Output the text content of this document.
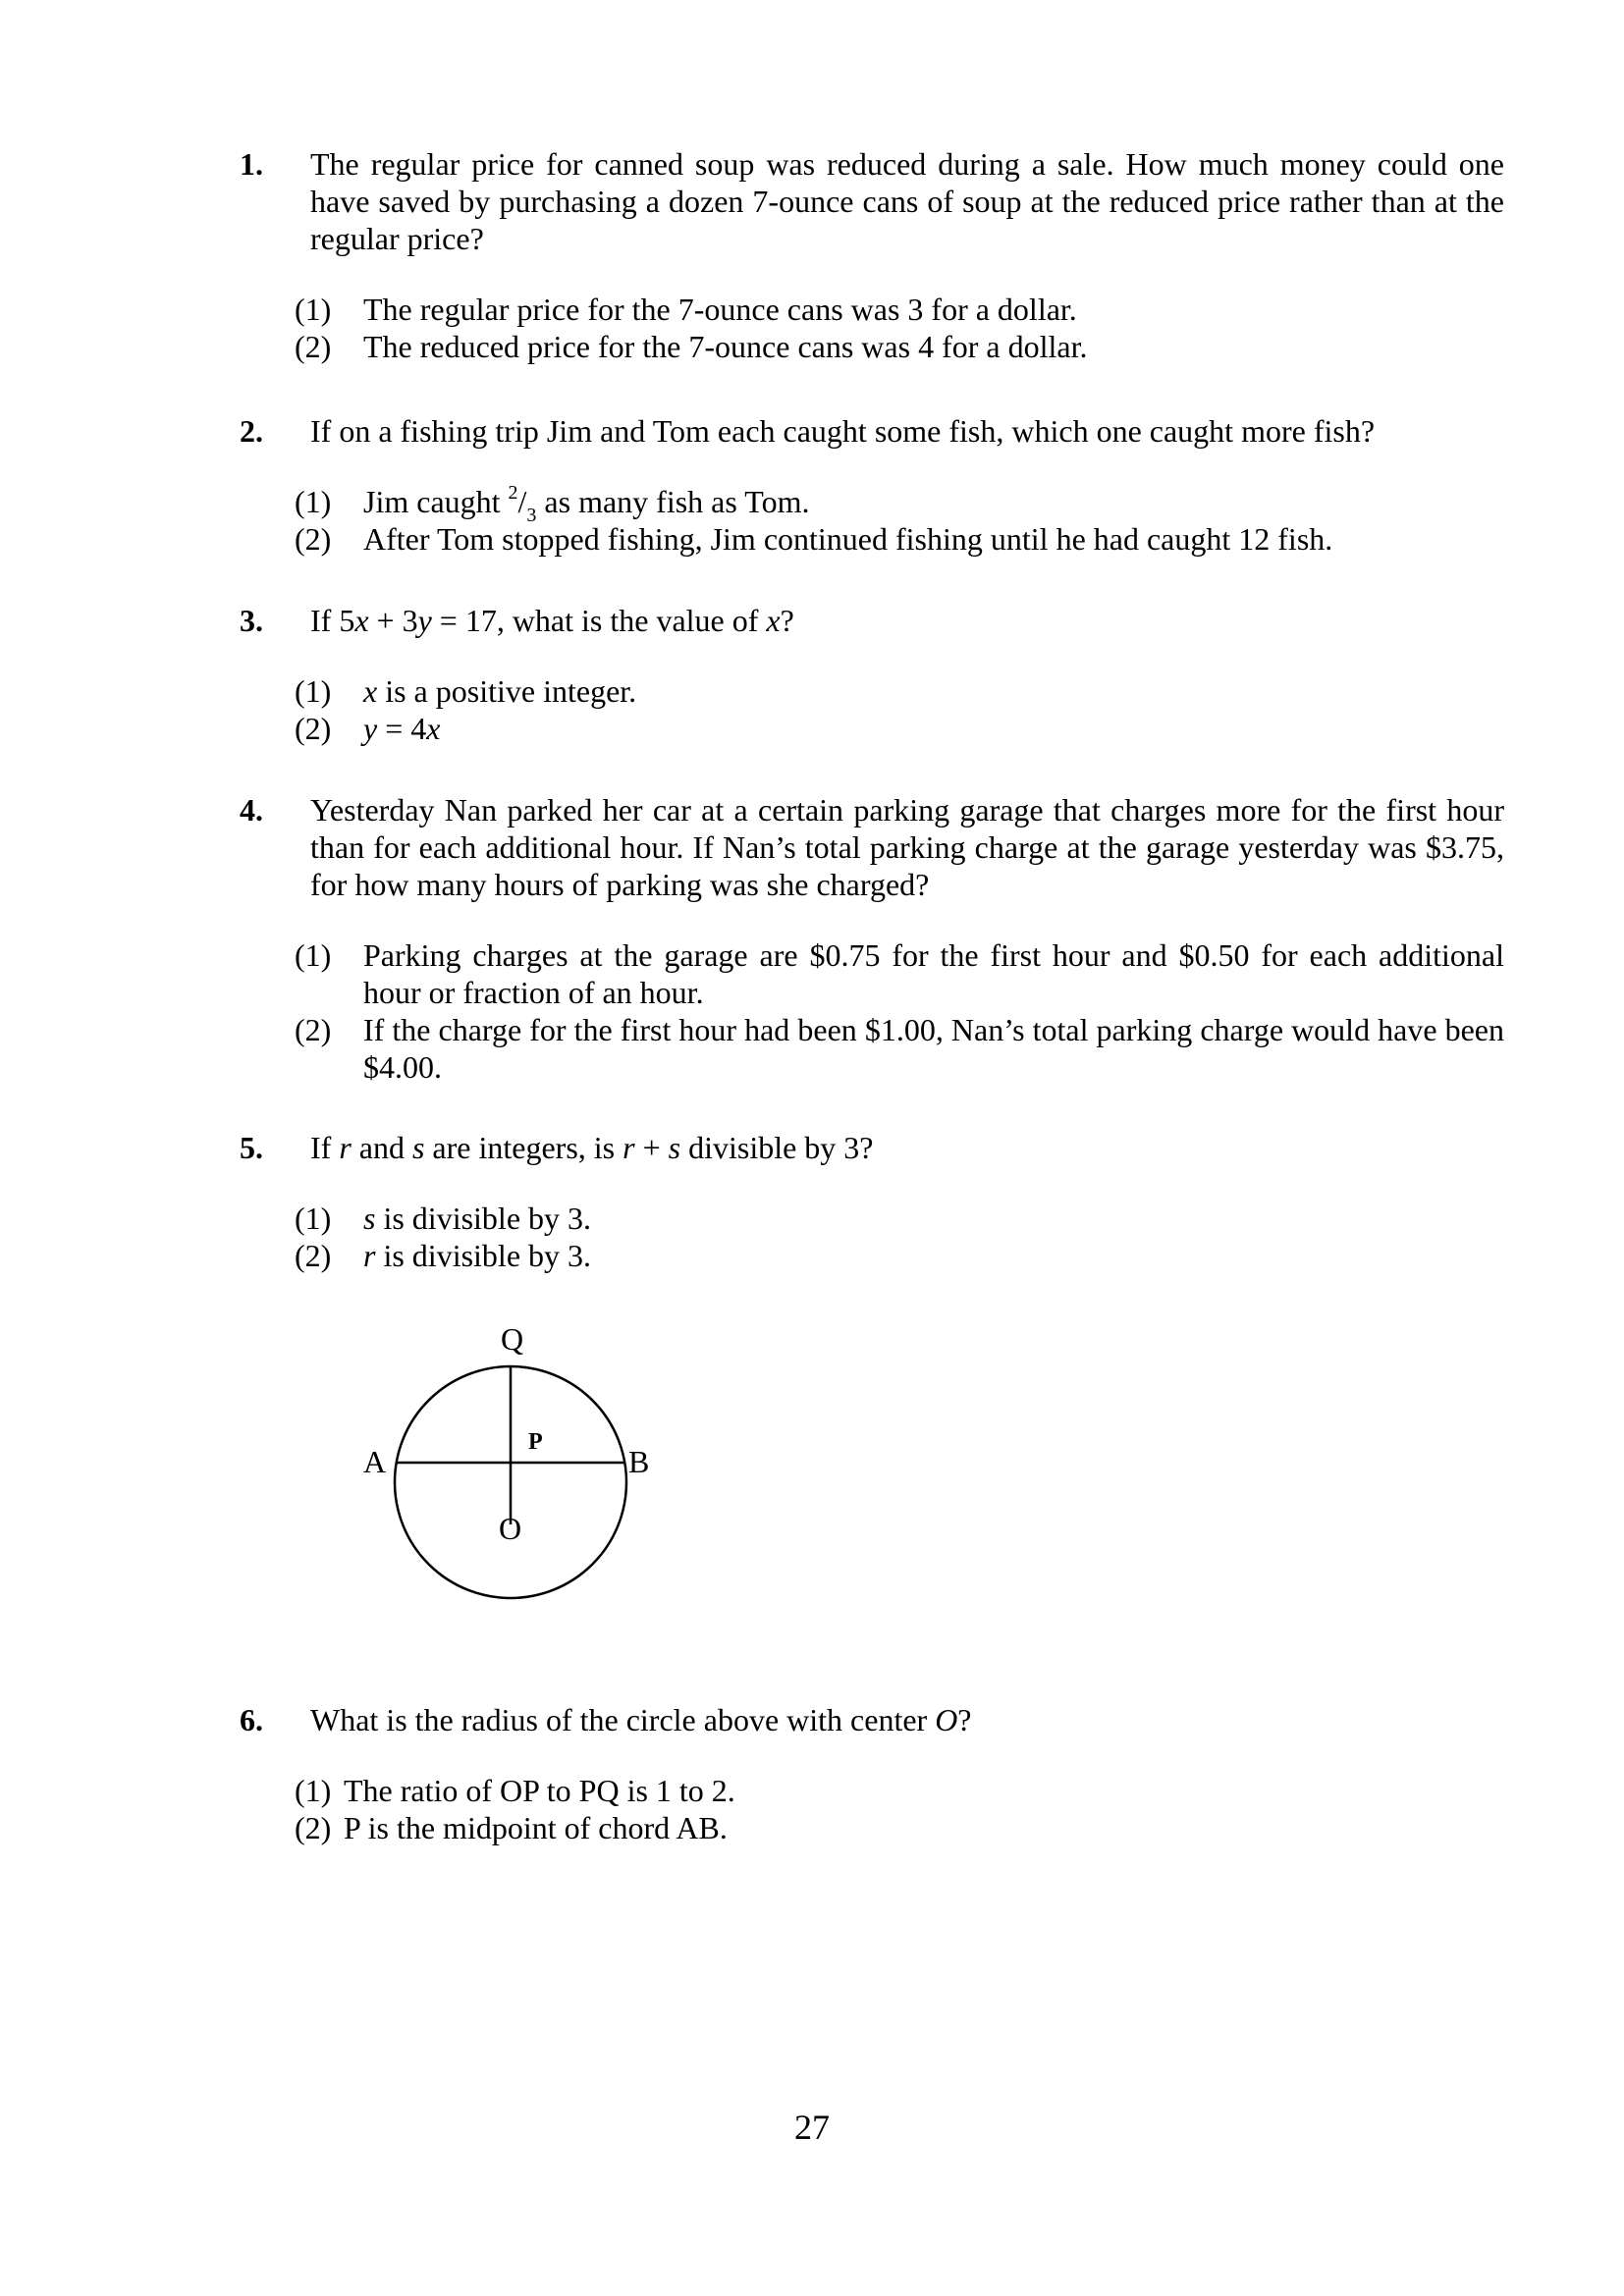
1.	The regular price for canned soup was reduced during a sale. How much money could one have saved by purchasing a dozen 7-ounce cans of soup at the reduced price rather than at the regular price?
(1) The regular price for the 7-ounce cans was 3 for a dollar.
(2) The reduced price for the 7-ounce cans was 4 for a dollar.
2.	If on a fishing trip Jim and Tom each caught some fish, which one caught more fish?
(1) Jim caught $^2/_3$ as many fish as Tom.
(2) After Tom stopped fishing, Jim continued fishing until he had caught 12 fish.
3.	If 5x + 3y = 17, what is the value of x?
(1) x is a positive integer.
(2) y = 4x
4.	Yesterday Nan parked her car at a certain parking garage that charges more for the first hour than for each additional hour. If Nan’s total parking charge at the garage yesterday was $3.75, for how many hours of parking was she charged?
(1) Parking charges at the garage are $0.75 for the first hour and $0.50 for each additional hour or fraction of an hour.
(2) If the charge for the first hour had been $1.00, Nan’s total parking charge would have been $4.00.
5.	If r and s are integers, is r + s divisible by 3?
(1) s is divisible by 3.
(2) r is divisible by 3.
Q
A	B
P
O
6.	What is the radius of the circle above with center O?
(1) The ratio of OP to PQ is 1 to 2.
(2) P is the midpoint of chord AB.
27
